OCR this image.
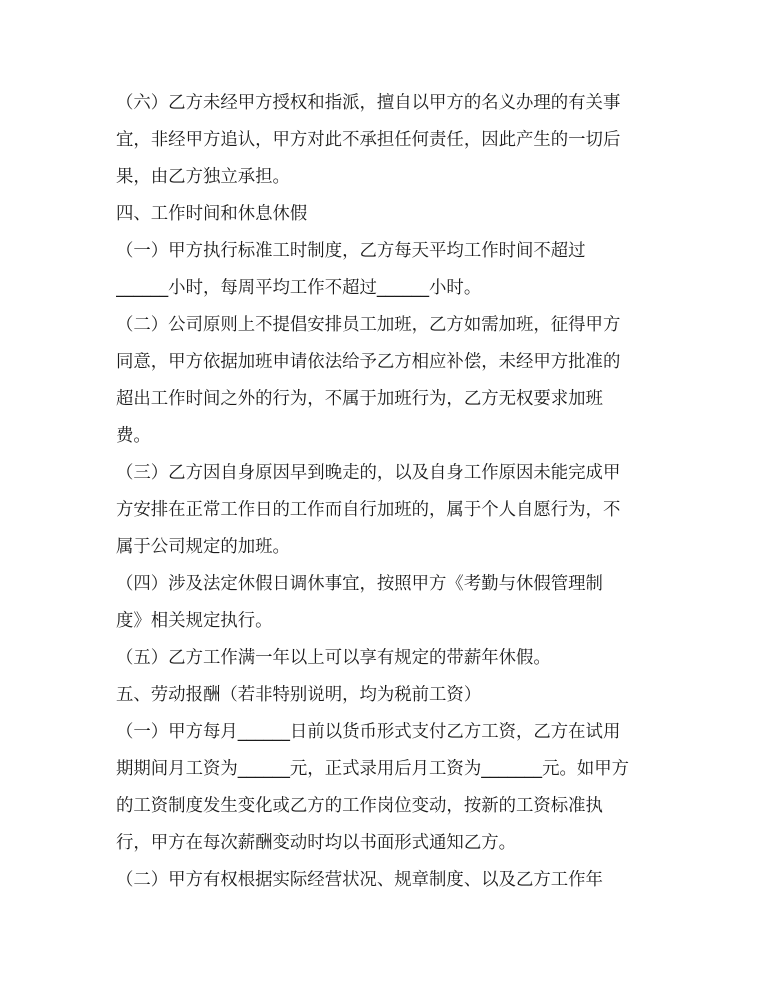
（六）乙方未经甲方授权和指派，擅自以甲方的名义办理的有关事
宜，非经甲方追认，甲方对此不承担任何责任，因此产生的一切后
果，由乙方独立承担。
四、工作时间和休息休假
（一）甲方执行标准工时制度，乙方每天平均工作时间不超过
______小时，每周平均工作不超过______小时。
（二）公司原则上不提倡安排员工加班，乙方如需加班，征得甲方
同意，甲方依据加班申请依法给予乙方相应补偿，未经甲方批准的
超出工作时间之外的行为，不属于加班行为，乙方无权要求加班
费。
（三）乙方因自身原因早到晚走的，以及自身工作原因未能完成甲
方安排在正常工作日的工作而自行加班的，属于个人自愿行为，不
属于公司规定的加班。
（四）涉及法定休假日调休事宜，按照甲方《考勤与休假管理制
度》相关规定执行。
（五）乙方工作满一年以上可以享有规定的带薪年休假。
五、劳动报酬（若非特别说明，均为税前工资）
（一）甲方每月______日前以货币形式支付乙方工资，乙方在试用
期期间月工资为______元，正式录用后月工资为_______元。如甲方
的工资制度发生变化或乙方的工作岗位变动，按新的工资标准执
行，甲方在每次薪酬变动时均以书面形式通知乙方。
（二）甲方有权根据实际经营状况、规章制度、以及乙方工作年
